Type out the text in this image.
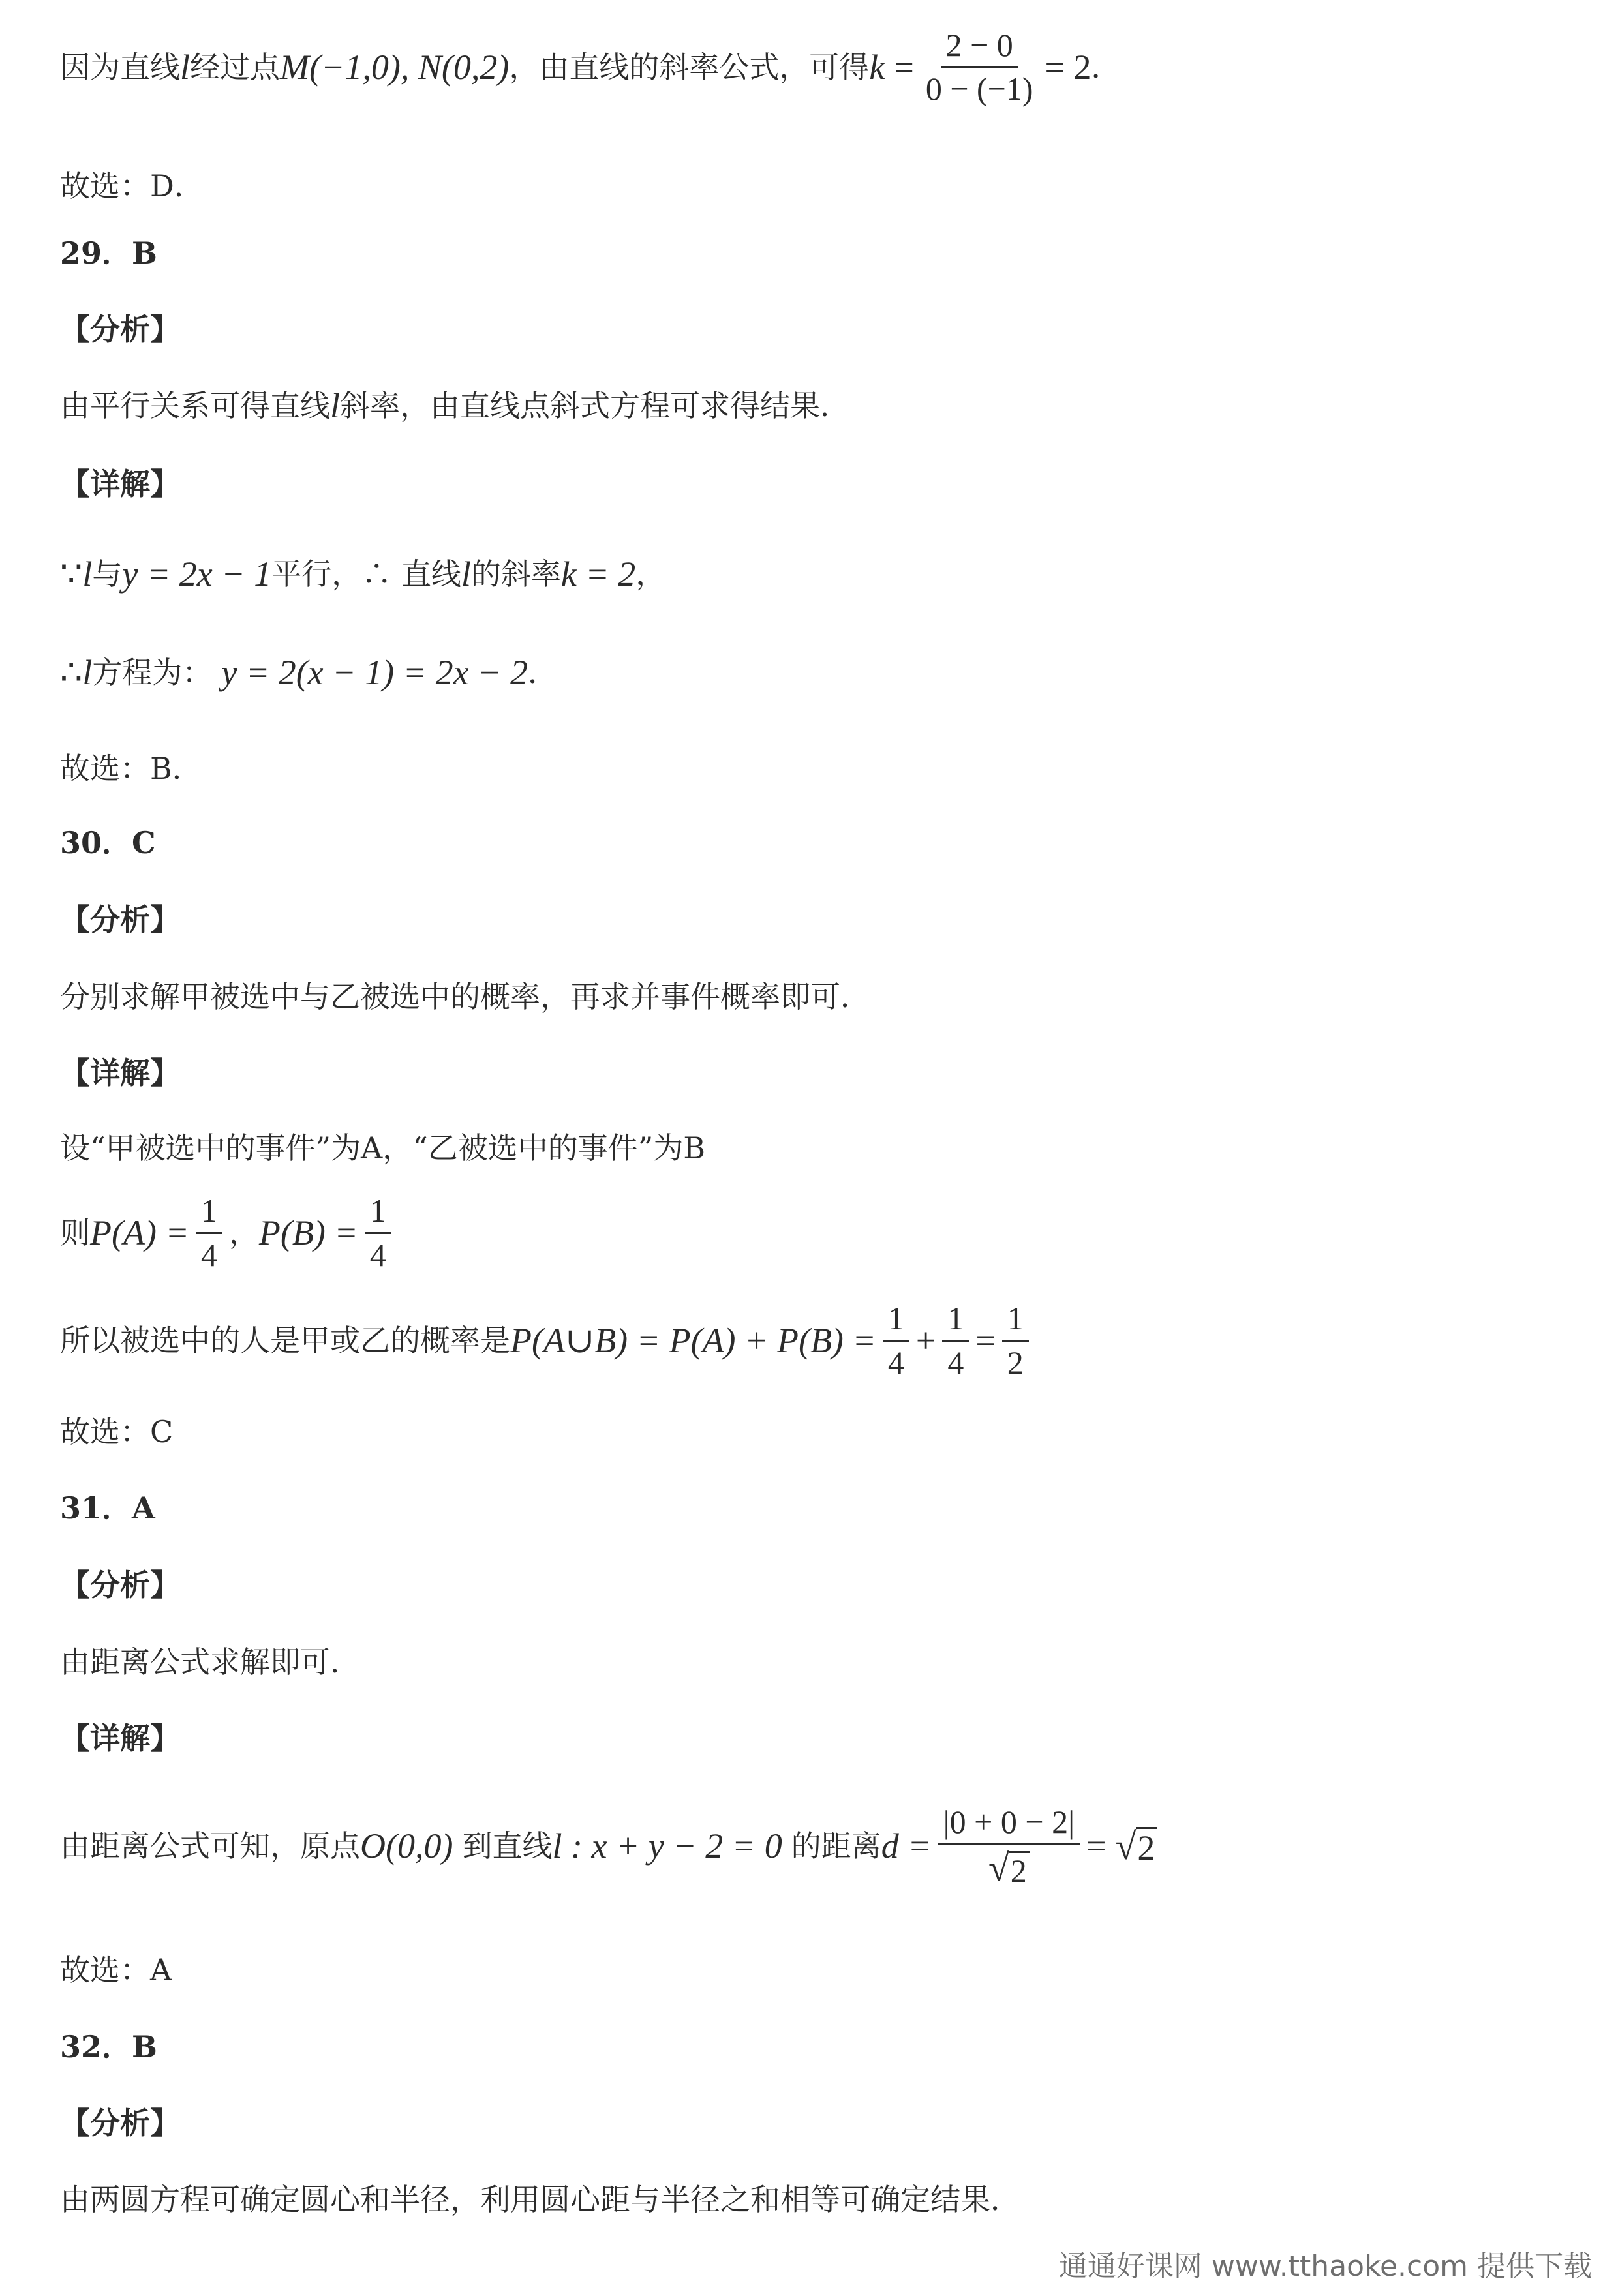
因为直线 l 经过点 M(−1,0), N(0,2) ，由直线的斜率公式，可得 $k = \frac{2 - 0}{0 - (-1)} = 2$ ．
故选：D．
29．B
【分析】
由平行关系可得直线 l 斜率，由直线点斜式方程可求得结果．
【详解】
∵ l 与 y = 2x − 1 平行，∴ 直线 l 的斜率 k = 2 ，
∴ l 方程为： y = 2(x − 1) = 2x − 2 ．
故选：B．
30．C
【分析】
分别求解甲被选中与乙被选中的概率，再求并事件概率即可．
【详解】
设“甲被选中的事件”为A，“乙被选中的事件”为B
则 $P(A) = \frac{1}{4}$ ， $P(B) = \frac{1}{4}$
所以被选中的人是甲或乙的概率是 P(A∪B) = $P(A) + P(B) = \frac{1}{4} + \frac{1}{4} = \frac{1}{2}$
故选：C
31．A
【分析】
由距离公式求解即可．
【详解】
由距离公式可知，原点 O(0,0) 到直线 l : x + y − 2 = 0 的距离 $d = \frac{|0 + 0 - 2|}{√ 2}$ = √ 2
故选：A
32．B
【分析】
由两圆方程可确定圆心和半径，利用圆心距与半径之和相等可确定结果．
通通好课网 www.tthaoke.com 提供下载
